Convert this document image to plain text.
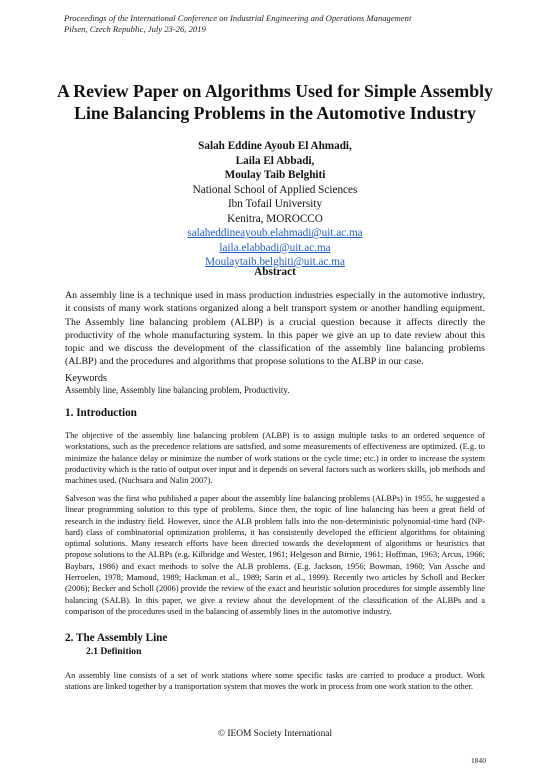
Proceedings of the International Conference on Industrial Engineering and Operations Management
Pilsen, Czech Republic, July 23-26, 2019
A Review Paper on Algorithms Used for Simple Assembly Line Balancing Problems in the Automotive Industry
Salah Eddine Ayoub El Ahmadi,
Laila El Abbadi,
Moulay Taib Belghiti
National School of Applied Sciences
Ibn Tofail University
Kenitra, MOROCCO
salaheddineayoub.elahmadi@uit.ac.ma
laila.elabbadi@uit.ac.ma
Moulaytaib.belghiti@uit.ac.ma
Abstract

An assembly line is a technique used in mass production industries especially in the automotive industry, it consists of many work stations organized along a belt transport system or another handling equipment. The Assembly line balancing problem (ALBP) is a crucial question because it affects directly the productivity of the whole manufacturing system. In this paper we give an up to date review about this topic and we discuss the development of the classification of the assembly line balancing problems (ALBP) and the procedures and algorithms that propose solutions to the ALBP in our case.

Keywords

Assembly line, Assembly line balancing problem, Productivity.

1. Introduction

The objective of the assembly line balancing problem (ALBP) is to assign multiple tasks to an ordered sequence of workstations, such as the precedence relations are satisfied, and some measurements of effectiveness are optimized. (E.g. to minimize the balance delay or minimize the number of work stations or the cycle time; etc.) in order to increase the system productivity which is the ratio of output over input and it depends on several factors such as workers skills, job methods and machines used. (Nuchsara and Nalin 2007).

Salveson was the first who published a paper about the assembly line balancing problems (ALBPs) in 1955, he suggested a linear programming solution to this type of problems. Since then, the topic of line balancing has been a great field of research in the industry field. However, since the ALB problem falls into the non-deterministic polynomial-time hard (NP-hard) class of combinatorial optimization problems, it has consistently developed the efficient algorithms for obtaining optimal solutions. Many research efforts have been directed towards the development of algorithms or heuristics that propose solutions to the ALBPs (e.g. Kilbridge and Wester, 1961; Helgeson and Birnie, 1961; Hoffman, 1963; Arcus, 1966; Baybars, 1986) and exact methods to solve the ALB problems. (E.g. Jackson, 1956; Bowman, 1960; Van Assche and Herroelen, 1978; Mamoud, 1989; Hackman et al., 1989; Sarin et al., 1999). Recently two articles by Scholl and Becker (2006); Becker and Scholl (2006) provide the review of the exact and heuristic solution procedures for simple assembly line balancing (SALB). In this paper, we give a review about the development of the classification of the ALBPs and a comparison of the procedures used in the balancing of assembly lines in the automotive industry.

2. The Assembly Line
2.1 Definition

An assembly line consists of a set of work stations where some specific tasks are carried to produce a product. Work stations are linked together by a transportation system that moves the work in process from one work station to the other.

© IEOM Society International
1840
